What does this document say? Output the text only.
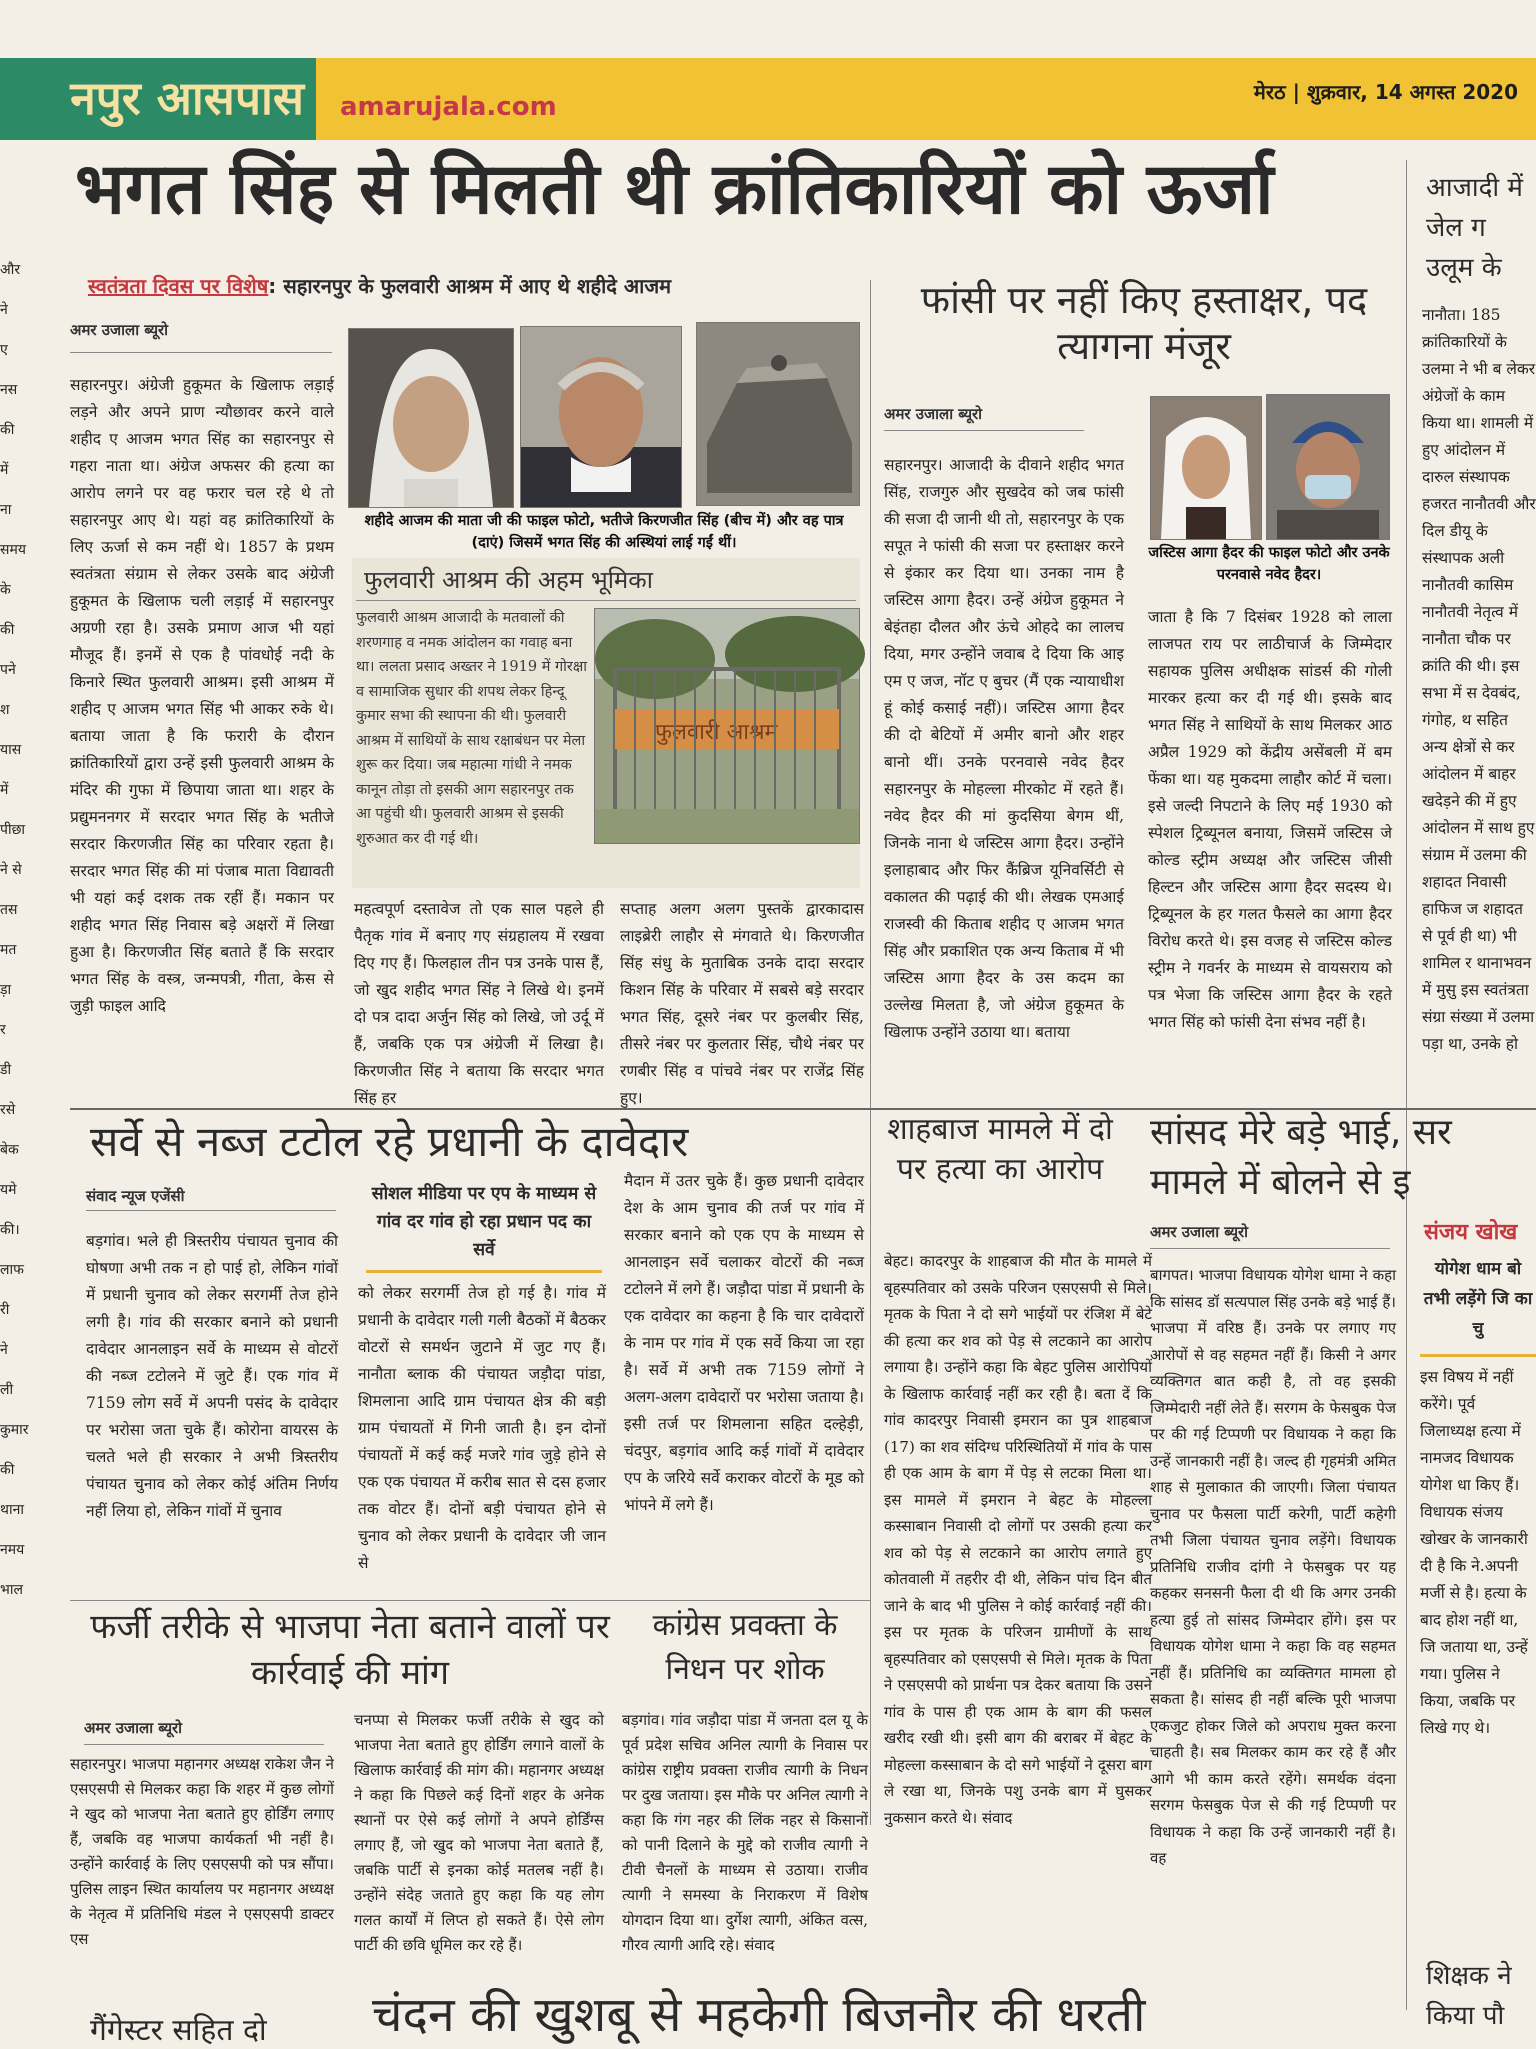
नपुर आसपास	amarujala.com	मेरठ | शुक्रवार, 14 अगस्त 2020
और
ने
ए
नस
की
में
ना
समय
के
की
पने
श
यास
में
पीछा
ने से
तस
मत
ड़ा
र
डी
रसे
बेक
यमे
की।
लाफ
री
ने
ली
कुमार
की
थाना
नमय
भाल
भगत सिंह से मिलती थी क्रांतिकारियों को ऊर्जा
स्वतंत्रता दिवस पर विशेष: सहारनपुर के फुलवारी आश्रम में आए थे शहीदे आजम
अमर उजाला ब्यूरो
शहीदे आजम की माता जी की फाइल फोटो, भतीजे किरणजीत सिंह (बीच में) और वह पात्र (दाएं) जिसमें भगत सिंह की अस्थियां लाई गईं थीं।
सहारनपुर। अंग्रेजी हुकूमत के खिलाफ लड़ाई लड़ने और अपने प्राण न्यौछावर करने वाले शहीद ए आजम भगत सिंह का सहारनपुर से गहरा नाता था। अंग्रेज अफसर की हत्या का आरोप लगने पर वह फरार चल रहे थे तो सहारनपुर आए थे। यहां वह क्रांतिकारियों के लिए ऊर्जा से कम नहीं थे। 1857 के प्रथम स्वतंत्रता संग्राम से लेकर उसके बाद अंग्रेजी हुकूमत के खिलाफ चली लड़ाई में सहारनपुर अग्रणी रहा है। उसके प्रमाण आज भी यहां मौजूद हैं। इनमें से एक है पांवधोई नदी के किनारे स्थित फुलवारी आश्रम। इसी आश्रम में शहीद ए आजम भगत सिंह भी आकर रुके थे। बताया जाता है कि फरारी के दौरान क्रांतिकारियों द्वारा उन्हें इसी फुलवारी आश्रम के मंदिर की गुफा में छिपाया जाता था। शहर के प्रद्युमननगर में सरदार भगत सिंह के भतीजे सरदार किरणजीत सिंह का परिवार रहता है। सरदार भगत सिंह की मां पंजाब माता विद्यावती भी यहां कई दशक तक रहीं हैं। मकान पर शहीद भगत सिंह निवास बड़े अक्षरों में लिखा हुआ है। किरणजीत सिंह बताते हैं कि सरदार भगत सिंह के वस्त्र, जन्मपत्री, गीता, केस से जुड़ी फाइल आदि
फुलवारी आश्रम की अहम भूमिका
फुलवारी आश्रम आजादी के मतवालों की शरणगाह व नमक आंदोलन का गवाह बना था। ललता प्रसाद अख्तर ने 1919 में गोरक्षा व सामाजिक सुधार की शपथ लेकर हिन्दू कुमार सभा की स्थापना की थी। फुलवारी आश्रम में साथियों के साथ रक्षाबंधन पर मेला शुरू कर दिया। जब महात्मा गांधी ने नमक कानून तोड़ा तो इसकी आग सहारनपुर तक आ पहुंची थी। फुलवारी आश्रम से इसकी शुरुआत कर दी गई थी।
फुलवारी आश्रम
महत्वपूर्ण दस्तावेज तो एक साल पहले ही पैतृक गांव में बनाए गए संग्रहालय में रखवा दिए गए हैं। फिलहाल तीन पत्र उनके पास हैं, जो खुद शहीद भगत सिंह ने लिखे थे। इनमें दो पत्र दादा अर्जुन सिंह को लिखे, जो उर्दू में हैं, जबकि एक पत्र अंग्रेजी में लिखा है। किरणजीत सिंह ने बताया कि सरदार भगत सिंह हर
सप्ताह अलग अलग पुस्तकें द्वारकादास लाइब्रेरी लाहौर से मंगवाते थे। किरणजीत सिंह संधु के मुताबिक उनके दादा सरदार किशन सिंह के परिवार में सबसे बड़े सरदार भगत सिंह, दूसरे नंबर पर कुलबीर सिंह, तीसरे नंबर पर कुलतार सिंह, चौथे नंबर पर रणबीर सिंह व पांचवे नंबर पर राजेंद्र सिंह हुए।
फांसी पर नहीं किए हस्ताक्षर, पद त्यागना मंजूर
अमर उजाला ब्यूरो
जस्टिस आगा हैदर की फाइल फोटो और उनके परनवासे नवेद हैदर।
सहारनपुर। आजादी के दीवाने शहीद भगत सिंह, राजगुरु और सुखदेव को जब फांसी की सजा दी जानी थी तो, सहारनपुर के एक सपूत ने फांसी की सजा पर हस्ताक्षर करने से इंकार कर दिया था। उनका नाम है जस्टिस आगा हैदर। उन्हें अंग्रेज हुकूमत ने बेइंतहा दौलत और ऊंचे ओहदे का लालच दिया, मगर उन्होंने जवाब दे दिया कि आइ एम ए जज, नॉट ए बुचर (मैं एक न्यायाधीश हूं कोई कसाई नहीं)। जस्टिस आगा हैदर की दो बेटियों में अमीर बानो और शहर बानो थीं। उनके परनवासे नवेद हैदर सहारनपुर के मोहल्ला मीरकोट में रहते हैं। नवेद हैदर की मां कुदसिया बेगम थीं, जिनके नाना थे जस्टिस आगा हैदर। उन्होंने इलाहाबाद और फिर कैंब्रिज यूनिवर्सिटी से वकालत की पढ़ाई की थी। लेखक एमआई राजस्वी की किताब शहीद ए आजम भगत सिंह और प्रकाशित एक अन्य किताब में भी जस्टिस आगा हैदर के उस कदम का उल्लेख मिलता है, जो अंग्रेज हुकूमत के खिलाफ उन्होंने उठाया था। बताया
जाता है कि 7 दिसंबर 1928 को लाला लाजपत राय पर लाठीचार्ज के जिम्मेदार सहायक पुलिस अधीक्षक सांडर्स की गोली मारकर हत्या कर दी गई थी। इसके बाद भगत सिंह ने साथियों के साथ मिलकर आठ अप्रैल 1929 को केंद्रीय असेंबली में बम फेंका था। यह मुकदमा लाहौर कोर्ट में चला। इसे जल्दी निपटाने के लिए मई 1930 को स्पेशल ट्रिब्यूनल बनाया, जिसमें जस्टिस जे कोल्ड स्ट्रीम अध्यक्ष और जस्टिस जीसी हिल्टन और जस्टिस आगा हैदर सदस्य थे। ट्रिब्यूनल के हर गलत फैसले का आगा हैदर विरोध करते थे। इस वजह से जस्टिस कोल्ड स्ट्रीम ने गवर्नर के माध्यम से वायसराय को पत्र भेजा कि जस्टिस आगा हैदर के रहते भगत सिंह को फांसी देना संभव नहीं है।
आजादी में जेल ग उलूम के
नानौता। 185 क्रांतिकारियों के उलमा ने भी ब लेकर अंग्रेजों के काम किया था। शामली में हुए आंदोलन में दारुल संस्थापक हजरत नानौतवी और दिल डीयू के संस्थापक अली नानौतवी कासिम नानौतवी नेतृत्व में नानौता चौक पर क्रांति की थी। इस सभा में स देवबंद, गंगोह, थ सहित अन्य क्षेत्रों से कर आंदोलन में बाहर खदेड़ने की में हुए आंदोलन में साथ हुए संग्राम में उलमा की शहादत निवासी हाफिज ज शहादत से पूर्व ही था) भी शामिल र थानाभवन में मुसु इस स्वतंत्रता संग्रा संख्या में उलमा पड़ा था, उनके हो
सर्वे से नब्ज टटोल रहे प्रधानी के दावेदार
संवाद न्यूज एजेंसी	सोशल मीडिया पर एप के माध्यम से गांव दर गांव हो रहा प्रधान पद का सर्वे
बड़गांव। भले ही त्रिस्तरीय पंचायत चुनाव की घोषणा अभी तक न हो पाई हो, लेकिन गांवों में प्रधानी चुनाव को लेकर सरगर्मी तेज होने लगी है। गांव की सरकार बनाने को प्रधानी दावेदार आनलाइन सर्वे के माध्यम से वोटरों की नब्ज टटोलने में जुटे हैं। एक गांव में 7159 लोग सर्वे में अपनी पसंद के दावेदार पर भरोसा जता चुके हैं। कोरोना वायरस के चलते भले ही सरकार ने अभी त्रिस्तरीय पंचायत चुनाव को लेकर कोई अंतिम निर्णय नहीं लिया हो, लेकिन गांवों में चुनाव
को लेकर सरगर्मी तेज हो गई है। गांव में प्रधानी के दावेदार गली गली बैठकों में बैठकर वोटरों से समर्थन जुटाने में जुट गए हैं। नानौता ब्लाक की पंचायत जड़ौदा पांडा, शिमलाना आदि ग्राम पंचायत क्षेत्र की बड़ी ग्राम पंचायतों में गिनी जाती है। इन दोनों पंचायतों में कई कई मजरे गांव जुड़े होने से एक एक पंचायत में करीब सात से दस हजार तक वोटर हैं। दोनों बड़ी पंचायत होने से चुनाव को लेकर प्रधानी के दावेदार जी जान से
मैदान में उतर चुके हैं। कुछ प्रधानी दावेदार देश के आम चुनाव की तर्ज पर गांव में सरकार बनाने को एक एप के माध्यम से आनलाइन सर्वे चलाकर वोटरों की नब्ज टटोलने में लगे हैं। जड़ौदा पांडा में प्रधानी के एक दावेदार का कहना है कि चार दावेदारों के नाम पर गांव में एक सर्वे किया जा रहा है। सर्वे में अभी तक 7159 लोगों ने अलग-अलग दावेदारों पर भरोसा जताया है। इसी तर्ज पर शिमलाना सहित दल्हेड़ी, चंदपुर, बड़गांव आदि कई गांवों में दावेदार एप के जरिये सर्वे कराकर वोटरों के मूड को भांपने में लगे हैं।
शाहबाज मामले में दो पर हत्या का आरोप
बेहट। कादरपुर के शाहबाज की मौत के मामले में बृहस्पतिवार को उसके परिजन एसएसपी से मिले। मृतक के पिता ने दो सगे भाईयों पर रंजिश में बेटे की हत्या कर शव को पेड़ से लटकाने का आरोप लगाया है। उन्होंने कहा कि बेहट पुलिस आरोपियों के खिलाफ कार्रवाई नहीं कर रही है। बता दें कि गांव कादरपुर निवासी इमरान का पुत्र शाहबाज (17) का शव संदिग्ध परिस्थितियों में गांव के पास ही एक आम के बाग में पेड़ से लटका मिला था। इस मामले में इमरान ने बेहट के मोहल्ला कस्साबान निवासी दो लोगों पर उसकी हत्या कर शव को पेड़ से लटकाने का आरोप लगाते हुए कोतवाली में तहरीर दी थी, लेकिन पांच दिन बीत जाने के बाद भी पुलिस ने कोई कार्रवाई नहीं की। इस पर मृतक के परिजन ग्रामीणों के साथ बृहस्पतिवार को एसएसपी से मिले। मृतक के पिता ने एसएसपी को प्रार्थना पत्र देकर बताया कि उसने गांव के पास ही एक आम के बाग की फसल खरीद रखी थी। इसी बाग की बराबर में बेहट के मोहल्ला कस्साबान के दो सगे भाईयों ने दूसरा बाग ले रखा था, जिनके पशु उनके बाग में घुसकर नुकसान करते थे। संवाद
सांसद मेरे बड़े भाई, सर मामले में बोलने से इ
अमर उजाला ब्यूरो
बागपत। भाजपा विधायक योगेश धामा ने कहा कि सांसद डॉ सत्यपाल सिंह उनके बड़े भाई हैं। भाजपा में वरिष्ठ हैं। उनके पर लगाए गए आरोपों से वह सहमत नहीं हैं। किसी ने अगर व्यक्तिगत बात कही है, तो वह इसकी जिम्मेदारी नहीं लेते हैं। सरगम के फेसबुक पेज पर की गई टिप्पणी पर विधायक ने कहा कि उन्हें जानकारी नहीं है। जल्द ही गृहमंत्री अमित शाह से मुलाकात की जाएगी। जिला पंचायत चुनाव पर फैसला पार्टी करेगी, पार्टी कहेगी तभी जिला पंचायत चुनाव लड़ेंगे। विधायक प्रतिनिधि राजीव दांगी ने फेसबुक पर यह कहकर सनसनी फैला दी थी कि अगर उनकी हत्या हुई तो सांसद जिम्मेदार होंगे। इस पर विधायक योगेश धामा ने कहा कि वह सहमत नहीं हैं। प्रतिनिधि का व्यक्तिगत मामला हो सकता है। सांसद ही नहीं बल्कि पूरी भाजपा एकजुट होकर जिले को अपराध मुक्त करना चाहती है। सब मिलकर काम कर रहे हैं और आगे भी काम करते रहेंगे। समर्थक वंदना सरगम फेसबुक पेज से की गई टिप्पणी पर विधायक ने कहा कि उन्हें जानकारी नहीं है। वह
संजय खोख
योगेश धाम बो तभी लड़ेंगे जि का चु
इस विषय में नहीं करेंगे। पूर्व जिलाध्यक्ष हत्या में नामजद विधायक योगेश धा किए हैं। विधायक संजय खोखर के जानकारी दी है कि ने.अपनी मर्जी से है। हत्या के बाद होश नहीं था, जि जताया था, उन्हें गया। पुलिस ने किया, जबकि पर लिखे गए थे।
फर्जी तरीके से भाजपा नेता बताने वालों पर कार्रवाई की मांग
अमर उजाला ब्यूरो
सहारनपुर। भाजपा महानगर अध्यक्ष राकेश जैन ने एसएसपी से मिलकर कहा कि शहर में कुछ लोगों ने खुद को भाजपा नेता बताते हुए होर्डिंग लगाए हैं, जबकि वह भाजपा कार्यकर्ता भी नहीं है। उन्होंने कार्रवाई के लिए एसएसपी को पत्र सौंपा। पुलिस लाइन स्थित कार्यालय पर महानगर अध्यक्ष के नेतृत्व में प्रतिनिधि मंडल ने एसएसपी डाक्टर एस
चनप्पा से मिलकर फर्जी तरीके से खुद को भाजपा नेता बताते हुए होर्डिंग लगाने वालों के खिलाफ कार्रवाई की मांग की। महानगर अध्यक्ष ने कहा कि पिछले कई दिनों शहर के अनेक स्थानों पर ऐसे कई लोगों ने अपने होर्डिंग्स लगाए हैं, जो खुद को भाजपा नेता बताते हैं, जबकि पार्टी से इनका कोई मतलब नहीं है। उन्होंने संदेह जताते हुए कहा कि यह लोग गलत कार्यों में लिप्त हो सकते हैं। ऐसे लोग पार्टी की छवि धूमिल कर रहे हैं।
कांग्रेस प्रवक्ता के निधन पर शोक
बड़गांव। गांव जड़ौदा पांडा में जनता दल यू के पूर्व प्रदेश सचिव अनिल त्यागी के निवास पर कांग्रेस राष्ट्रीय प्रवक्ता राजीव त्यागी के निधन पर दुख जताया। इस मौके पर अनिल त्यागी ने कहा कि गंग नहर की लिंक नहर से किसानों को पानी दिलाने के मुद्दे को राजीव त्यागी ने टीवी चैनलों के माध्यम से उठाया। राजीव त्यागी ने समस्या के निराकरण में विशेष योगदान दिया था। दुर्गेश त्यागी, अंकित वत्स, गौरव त्यागी आदि रहे। संवाद
गैंगेस्टर सहित दो	चंदन की खुशबू से महकेगी बिजनौर की धरती
शिक्षक ने किया पौ
